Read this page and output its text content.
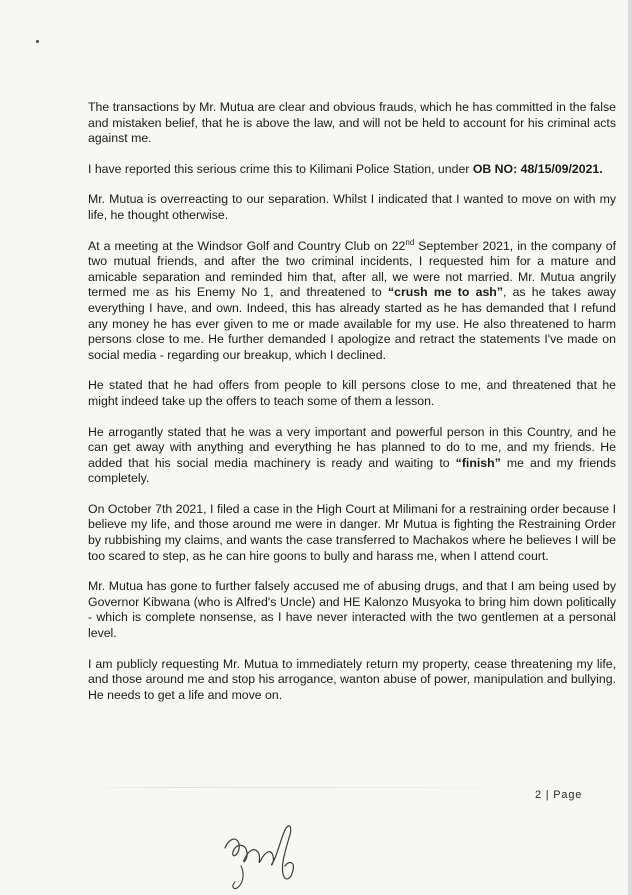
The transactions by Mr. Mutua are clear and obvious frauds, which he has committed in the false and mistaken belief, that he is above the law, and will not be held to account for his criminal acts against me.

I have reported this serious crime this to Kilimani Police Station, under OB NO: 48/15/09/2021.

Mr. Mutua is overreacting to our separation. Whilst I indicated that I wanted to move on with my life, he thought otherwise.

At a meeting at the Windsor Golf and Country Club on 22nd September 2021, in the company of two mutual friends, and after the two criminal incidents, I requested him for a mature and amicable separation and reminded him that, after all, we were not married. Mr. Mutua angrily termed me as his Enemy No 1, and threatened to “crush me to ash”, as he takes away everything I have, and own. Indeed, this has already started as he has demanded that I refund any money he has ever given to me or made available for my use. He also threatened to harm persons close to me. He further demanded I apologize and retract the statements I've made on social media - regarding our breakup, which I declined.

He stated that he had offers from people to kill persons close to me, and threatened that he might indeed take up the offers to teach some of them a lesson.

He arrogantly stated that he was a very important and powerful person in this Country, and he can get away with anything and everything he has planned to do to me, and my friends. He added that his social media machinery is ready and waiting to “finish” me and my friends completely.

On October 7th 2021, I filed a case in the High Court at Milimani for a restraining order because I believe my life, and those around me were in danger. Mr Mutua is fighting the Restraining Order by rubbishing my claims, and wants the case transferred to Machakos where he believes I will be too scared to step, as he can hire goons to bully and harass me, when I attend court.

Mr. Mutua has gone to further falsely accused me of abusing drugs, and that I am being used by Governor Kibwana (who is Alfred's Uncle) and HE Kalonzo Musyoka to bring him down politically - which is complete nonsense, as I have never interacted with the two gentlemen at a personal level.

I am publicly requesting Mr. Mutua to immediately return my property, cease threatening my life, and those around me and stop his arrogance, wanton abuse of power, manipulation and bullying. He needs to get a life and move on.

2 | Page
